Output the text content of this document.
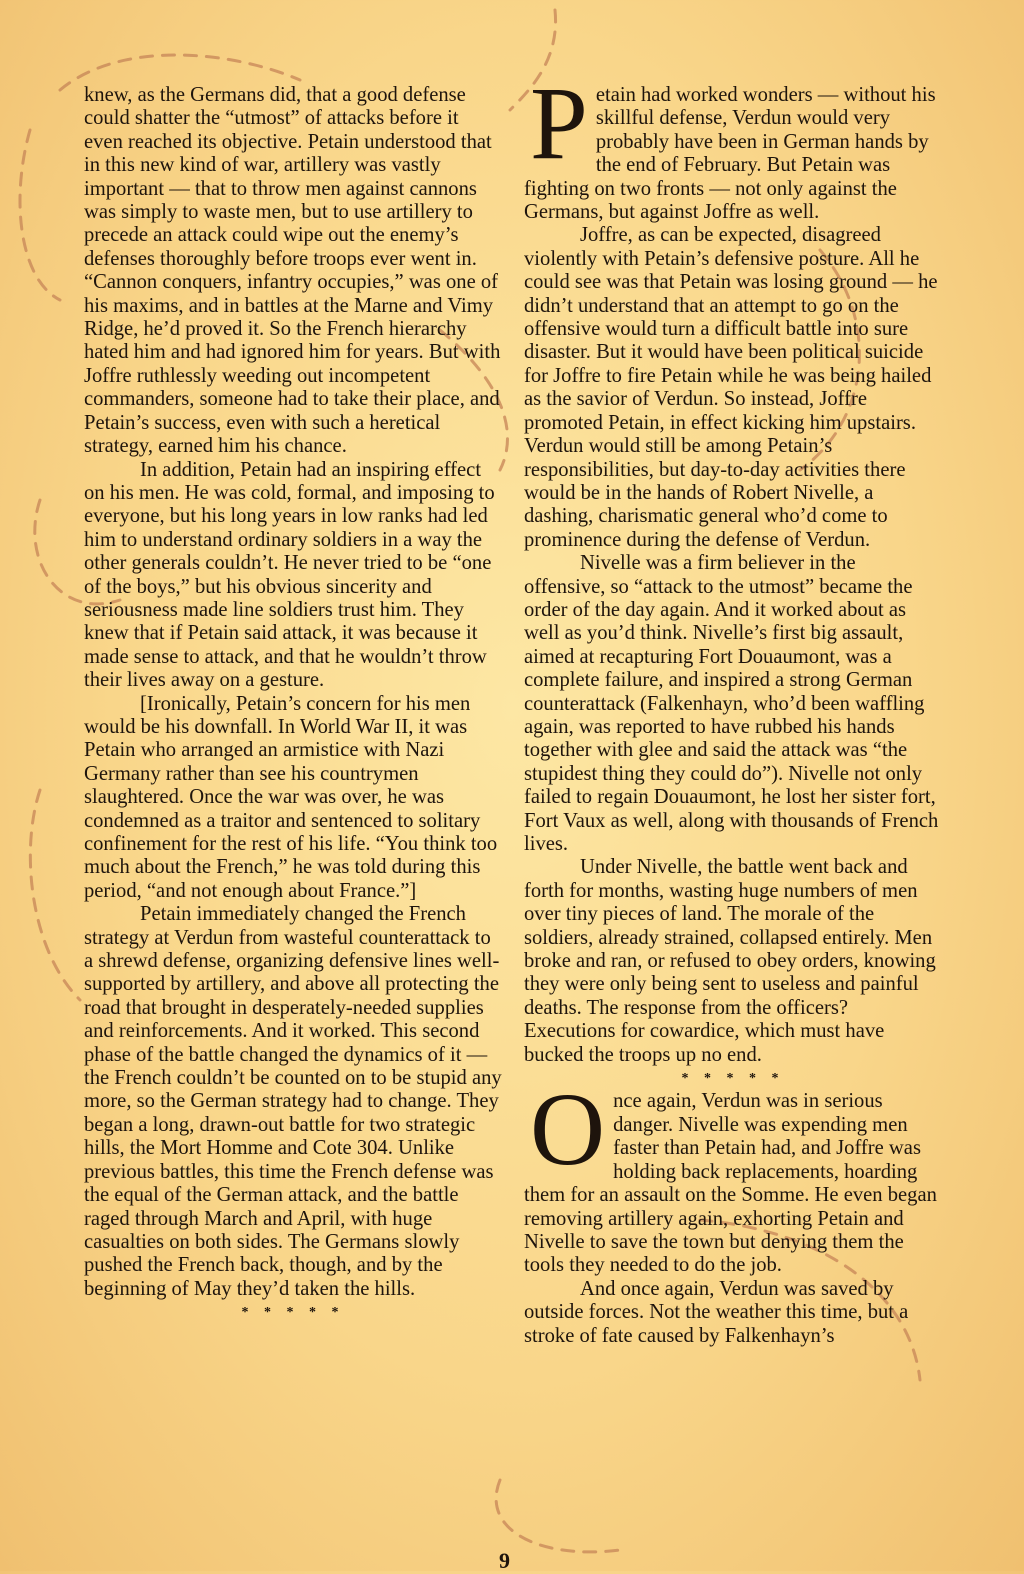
knew, as the Germans did, that a good defense could shatter the “utmost” of attacks before it even reached its objective. Petain understood that in this new kind of war, artillery was vastly important — that to throw men against cannons was simply to waste men, but to use artillery to precede an attack could wipe out the enemy’s defenses thoroughly before troops ever went in. “Cannon conquers, infantry occupies,” was one of his maxims, and in battles at the Marne and Vimy Ridge, he’d proved it. So the French hierarchy hated him and had ignored him for years. But with Joffre ruthlessly weeding out incompetent commanders, someone had to take their place, and Petain’s success, even with such a heretical strategy, earned him his chance.

In addition, Petain had an inspiring effect on his men. He was cold, formal, and imposing to everyone, but his long years in low ranks had led him to understand ordinary soldiers in a way the other generals couldn’t. He never tried to be “one of the boys,” but his obvious sincerity and seriousness made line soldiers trust him. They knew that if Petain said attack, it was because it made sense to attack, and that he wouldn’t throw their lives away on a gesture.

[Ironically, Petain’s concern for his men would be his downfall. In World War II, it was Petain who arranged an armistice with Nazi Germany rather than see his countrymen slaughtered. Once the war was over, he was condemned as a traitor and sentenced to solitary confinement for the rest of his life. “You think too much about the French,” he was told during this period, “and not enough about France.”]

Petain immediately changed the French strategy at Verdun from wasteful counterattack to a shrewd defense, organizing defensive lines well-supported by artillery, and above all protecting the road that brought in desperately-needed supplies and reinforcements. And it worked. This second phase of the battle changed the dynamics of it — the French couldn’t be counted on to be stupid any more, so the German strategy had to change. They began a long, drawn-out battle for two strategic hills, the Mort Homme and Cote 304. Unlike previous battles, this time the French defense was the equal of the German attack, and the battle raged through March and April, with huge casualties on both sides. The Germans slowly pushed the French back, though, and by the beginning of May they’d taken the hills.

* * * * *

Petain had worked wonders — without his skillful defense, Verdun would very probably have been in German hands by the end of February. But Petain was fighting on two fronts — not only against the Germans, but against Joffre as well.

Joffre, as can be expected, disagreed violently with Petain’s defensive posture. All he could see was that Petain was losing ground — he didn’t understand that an attempt to go on the offensive would turn a difficult battle into sure disaster. But it would have been political suicide for Joffre to fire Petain while he was being hailed as the savior of Verdun. So instead, Joffre promoted Petain, in effect kicking him upstairs. Verdun would still be among Petain’s responsibilities, but day-to-day activities there would be in the hands of Robert Nivelle, a dashing, charismatic general who’d come to prominence during the defense of Verdun.

Nivelle was a firm believer in the offensive, so “attack to the utmost” became the order of the day again. And it worked about as well as you’d think. Nivelle’s first big assault, aimed at recapturing Fort Douaumont, was a complete failure, and inspired a strong German counterattack (Falkenhayn, who’d been waffling again, was reported to have rubbed his hands together with glee and said the attack was “the stupidest thing they could do”). Nivelle not only failed to regain Douaumont, he lost her sister fort, Fort Vaux as well, along with thousands of French lives.

Under Nivelle, the battle went back and forth for months, wasting huge numbers of men over tiny pieces of land. The morale of the soldiers, already strained, collapsed entirely. Men broke and ran, or refused to obey orders, knowing they were only being sent to useless and painful deaths. The response from the officers? Executions for cowardice, which must have bucked the troops up no end.

* * * * *

Once again, Verdun was in serious danger. Nivelle was expending men faster than Petain had, and Joffre was holding back replacements, hoarding them for an assault on the Somme. He even began

removing artillery again, exhorting Petain and Nivelle to save the town but denying them the tools they needed to do the job.

And once again, Verdun was saved by outside forces. Not the weather this time, but a stroke of fate caused by Falkenhayn’s

9
